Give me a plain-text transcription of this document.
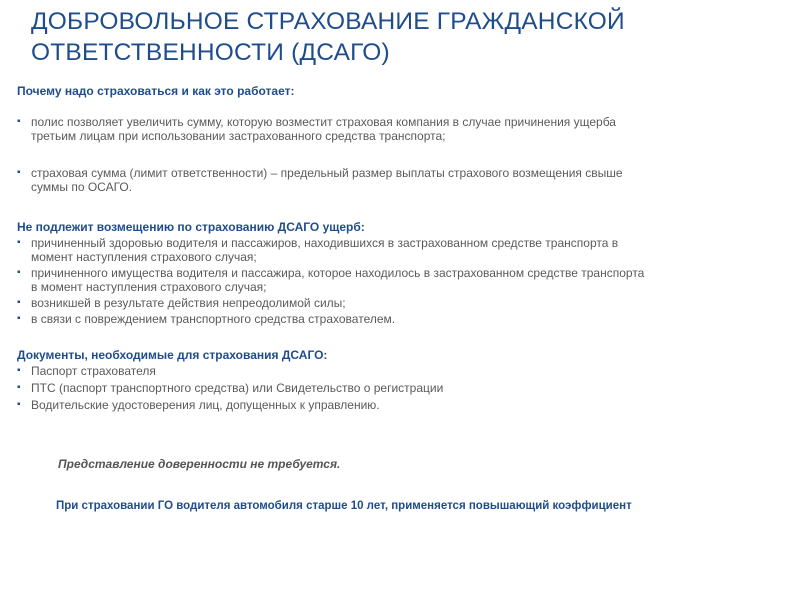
ДОБРОВОЛЬНОЕ СТРАХОВАНИЕ ГРАЖДАНСКОЙ
ОТВЕТСТВЕННОСТИ (ДСАГО)
Почему надо страховаться и как это работает:
▪ полис позволяет увеличить сумму, которую возместит страховая компания в случае причинения ущерба
третьим лицам при использовании застрахованного средства транспорта;
▪ страховая сумма (лимит ответственности) – предельный размер выплаты страхового возмещения свыше
суммы по ОСАГО.
Не подлежит возмещению по страхованию ДСАГО ущерб:
▪ причиненный здоровью водителя и пассажиров, находившихся в застрахованном средстве транспорта в
момент наступления страхового случая;
▪ причиненного имущества водителя и пассажира, которое находилось в застрахованном средстве транспорта
в момент наступления страхового случая;
▪ возникшей в результате действия непреодолимой силы;
▪ в связи с повреждением транспортного средства страхователем.
Документы, необходимые для страхования ДСАГО:
▪ Паспорт страхователя
▪ ПТС (паспорт транспортного средства) или Свидетельство о регистрации
▪ Водительские удостоверения лиц, допущенных к управлению.

Представление доверенности не требуется.

При страховании ГО водителя автомобиля старше 10 лет, применяется повышающий коэффициент
